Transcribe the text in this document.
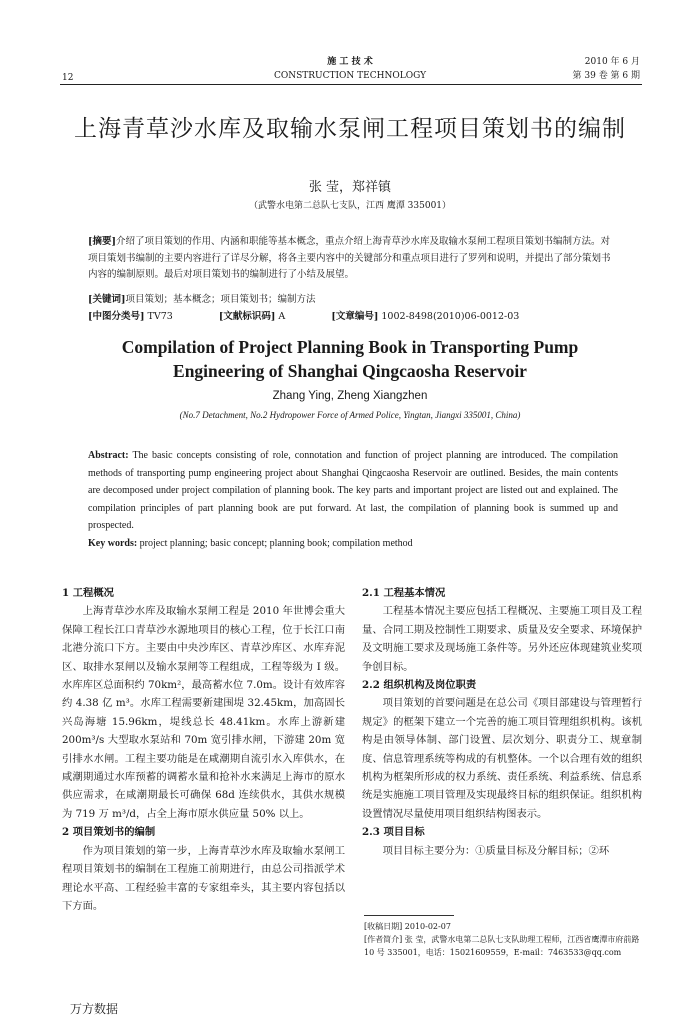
12
施 工 技 术
CONSTRUCTION TECHNOLOGY
2010 年 6 月
第 39 卷 第 6 期
上海青草沙水库及取输水泵闸工程项目策划书的编制
张 莹，郑祥镇
（武警水电第二总队七支队，江西 鹰潭 335001）
[摘要]介绍了项目策划的作用、内涵和职能等基本概念，重点介绍上海青草沙水库及取输水泵闸工程项目策划书编制方法。对项目策划书编制的主要内容进行了详尽分解，将各主要内容中的关键部分和重点项目进行了罗列和说明，并提出了部分策划书内容的编制原则。最后对项目策划书的编制进行了小结及展望。
[关键词]项目策划；基本概念；项目策划书；编制方法
[中图分类号] TV73	[文献标识码] A	[文章编号] 1002-8498(2010)06-0012-03
Compilation of Project Planning Book in Transporting Pump
Engineering of Shanghai Qingcaosha Reservoir
Zhang Ying, Zheng Xiangzhen
(No.7 Detachment, No.2 Hydropower Force of Armed Police, Yingtan, Jiangxi 335001, China)
Abstract: The basic concepts consisting of role, connotation and function of project planning are introduced. The compilation methods of transporting pump engineering project about Shanghai Qingcaosha Reservoir are outlined. Besides, the main contents are decomposed under project compilation of planning book. The key parts and important project are listed out and explained. The compilation principles of part planning book are put forward. At last, the compilation of planning book is summed up and prospected.
Key words: project planning; basic concept; planning book; compilation method

1 工程概况

上海青草沙水库及取输水泵闸工程是 2010 年世博会重大保障工程长江口青草沙水源地项目的核心工程，位于长江口南北港分流口下方。主要由中央沙库区、青草沙库区、水库弃泥区、取排水泵闸以及输水泵闸等工程组成，工程等级为 I 级。水库库区总面积约 70km²，最高蓄水位 7.0m。设计有效库容约 4.38 亿 m³。水库工程需要新建围堤 32.45km，加高固长兴岛海塘 15.96km，堤线总长 48.41km。水库上游新建 200m³/s 大型取水泵站和 70m 宽引排水闸，下游建 20m 宽引排水水闸。工程主要功能是在咸潮期自流引水入库供水，在咸潮期通过水库预蓄的调蓄水量和抢补水来满足上海市的原水供应需求，在咸潮期最长可确保 68d 连续供水，其供水规模为 719 万 m³/d，占全上海市原水供应量 50% 以上。

2 项目策划书的编制

作为项目策划的第一步，上海青草沙水库及取输水泵闸工程项目策划书的编制在工程施工前期进行，由总公司指派学术理论水平高、工程经验丰富的专家组牵头，其主要内容包括以下方面。

2.1 工程基本情况

工程基本情况主要应包括工程概况、主要施工项目及工程量、合同工期及控制性工期要求、质量及安全要求、环境保护及文明施工要求及现场施工条件等。另外还应体现建筑业奖项争创目标。

2.2 组织机构及岗位职责

项目策划的首要问题是在总公司《项目部建设与管理暂行规定》的框架下建立一个完善的施工项目管理组织机构。该机构是由领导体制、部门设置、层次划分、职责分工、规章制度、信息管理系统等构成的有机整体。一个以合理有效的组织机构为框架所形成的权力系统、责任系统、利益系统、信息系统是实施施工项目管理及实现最终目标的组织保证。组织机构设置情况尽量使用项目组织结构图表示。

2.3 项目目标

项目目标主要分为：①质量目标及分解目标；②环

[收稿日期] 2010-02-07
[作者简介] 张 莹，武警水电第二总队七支队助理工程师，江西省鹰潭市府前路 10 号 335001，电话：15021609559，E-mail：7463533@qq.com
万方数据
